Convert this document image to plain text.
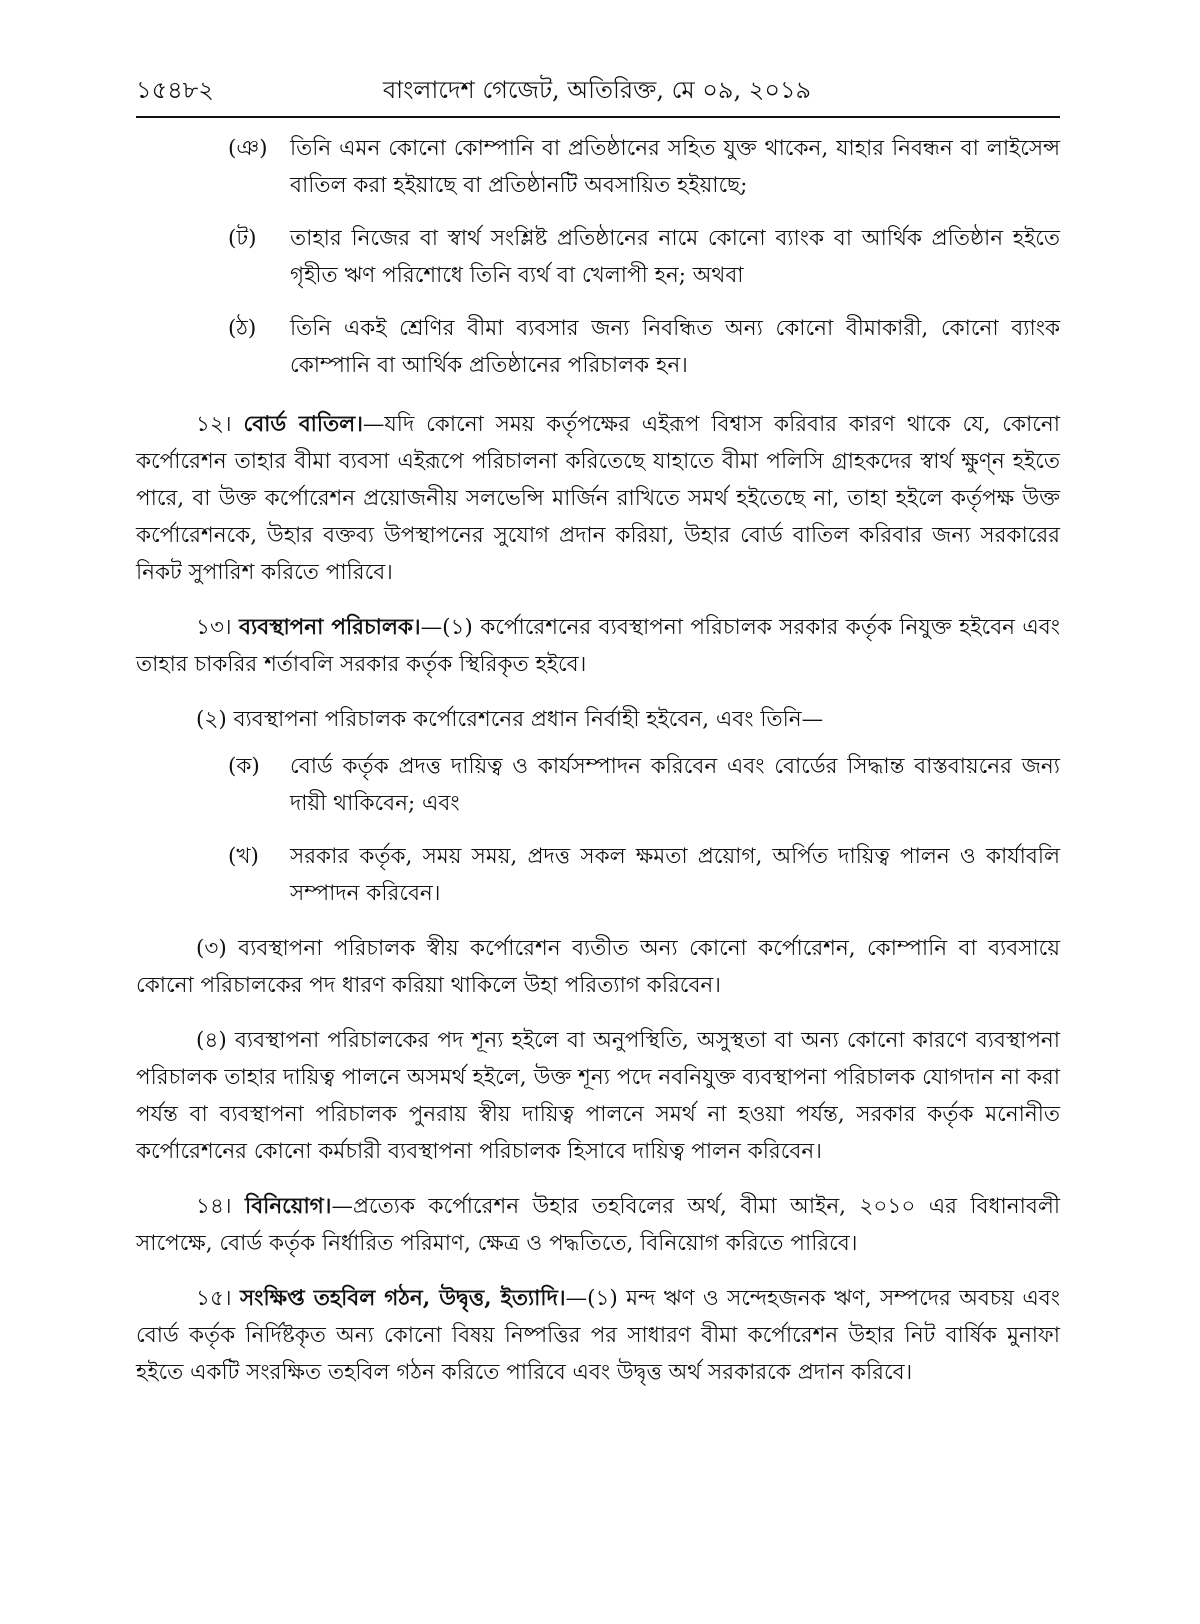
১৫৪৮২	বাংলাদেশ গেজেট, অতিরিক্ত, মে ০৯, ২০১৯
(ঞ)	তিনি এমন কোনো কোম্পানি বা প্রতিষ্ঠানের সহিত যুক্ত থাকেন, যাহার নিবন্ধন বা লাইসেন্স বাতিল করা হইয়াছে বা প্রতিষ্ঠানটি অবসায়িত হইয়াছে;
(ট)	তাহার নিজের বা স্বার্থ সংশ্লিষ্ট প্রতিষ্ঠানের নামে কোনো ব্যাংক বা আর্থিক প্রতিষ্ঠান হইতে গৃহীত ঋণ পরিশোধে তিনি ব্যর্থ বা খেলাপী হন; অথবা
(ঠ)	তিনি একই শ্রেণির বীমা ব্যবসার জন্য নিবন্ধিত অন্য কোনো বীমাকারী, কোনো ব্যাংক কোম্পানি বা আর্থিক প্রতিষ্ঠানের পরিচালক হন।

১২। বোর্ড বাতিল।—যদি কোনো সময় কর্তৃপক্ষের এইরূপ বিশ্বাস করিবার কারণ থাকে যে, কোনো কর্পোরেশন তাহার বীমা ব্যবসা এইরূপে পরিচালনা করিতেছে যাহাতে বীমা পলিসি গ্রাহকদের স্বার্থ ক্ষুণ্ন হইতে পারে, বা উক্ত কর্পোরেশন প্রয়োজনীয় সলভেন্সি মার্জিন রাখিতে সমর্থ হইতেছে না, তাহা হইলে কর্তৃপক্ষ উক্ত কর্পোরেশনকে, উহার বক্তব্য উপস্থাপনের সুযোগ প্রদান করিয়া, উহার বোর্ড বাতিল করিবার জন্য সরকারের নিকট সুপারিশ করিতে পারিবে।

১৩। ব্যবস্থাপনা পরিচালক।—(১) কর্পোরেশনের ব্যবস্থাপনা পরিচালক সরকার কর্তৃক নিযুক্ত হইবেন এবং তাহার চাকরির শর্তাবলি সরকার কর্তৃক স্থিরিকৃত হইবে।

(২) ব্যবস্থাপনা পরিচালক কর্পোরেশনের প্রধান নির্বাহী হইবেন, এবং তিনি—

(ক)	বোর্ড কর্তৃক প্রদত্ত দায়িত্ব ও কার্যসম্পাদন করিবেন এবং বোর্ডের সিদ্ধান্ত বাস্তবায়নের জন্য দায়ী থাকিবেন; এবং
(খ)	সরকার কর্তৃক, সময় সময়, প্রদত্ত সকল ক্ষমতা প্রয়োগ, অর্পিত দায়িত্ব পালন ও কার্যাবলি সম্পাদন করিবেন।

(৩) ব্যবস্থাপনা পরিচালক স্বীয় কর্পোরেশন ব্যতীত অন্য কোনো কর্পোরেশন, কোম্পানি বা ব্যবসায়ে কোনো পরিচালকের পদ ধারণ করিয়া থাকিলে উহা পরিত্যাগ করিবেন।

(৪) ব্যবস্থাপনা পরিচালকের পদ শূন্য হইলে বা অনুপস্থিতি, অসুস্থতা বা অন্য কোনো কারণে ব্যবস্থাপনা পরিচালক তাহার দায়িত্ব পালনে অসমর্থ হইলে, উক্ত শূন্য পদে নবনিযুক্ত ব্যবস্থাপনা পরিচালক যোগদান না করা পর্যন্ত বা ব্যবস্থাপনা পরিচালক পুনরায় স্বীয় দায়িত্ব পালনে সমর্থ না হওয়া পর্যন্ত, সরকার কর্তৃক মনোনীত কর্পোরেশনের কোনো কর্মচারী ব্যবস্থাপনা পরিচালক হিসাবে দায়িত্ব পালন করিবেন।

১৪। বিনিয়োগ।—প্রত্যেক কর্পোরেশন উহার তহবিলের অর্থ, বীমা আইন, ২০১০ এর বিধানাবলী সাপেক্ষে, বোর্ড কর্তৃক নির্ধারিত পরিমাণ, ক্ষেত্র ও পদ্ধতিতে, বিনিয়োগ করিতে পারিবে।

১৫। সংক্ষিপ্ত তহবিল গঠন, উদ্বৃত্ত, ইত্যাদি।—(১) মন্দ ঋণ ও সন্দেহজনক ঋণ, সম্পদের অবচয় এবং বোর্ড কর্তৃক নির্দিষ্টকৃত অন্য কোনো বিষয় নিষ্পত্তির পর সাধারণ বীমা কর্পোরেশন উহার নিট বার্ষিক মুনাফা হইতে একটি সংরক্ষিত তহবিল গঠন করিতে পারিবে এবং উদ্বৃত্ত অর্থ সরকারকে প্রদান করিবে।
